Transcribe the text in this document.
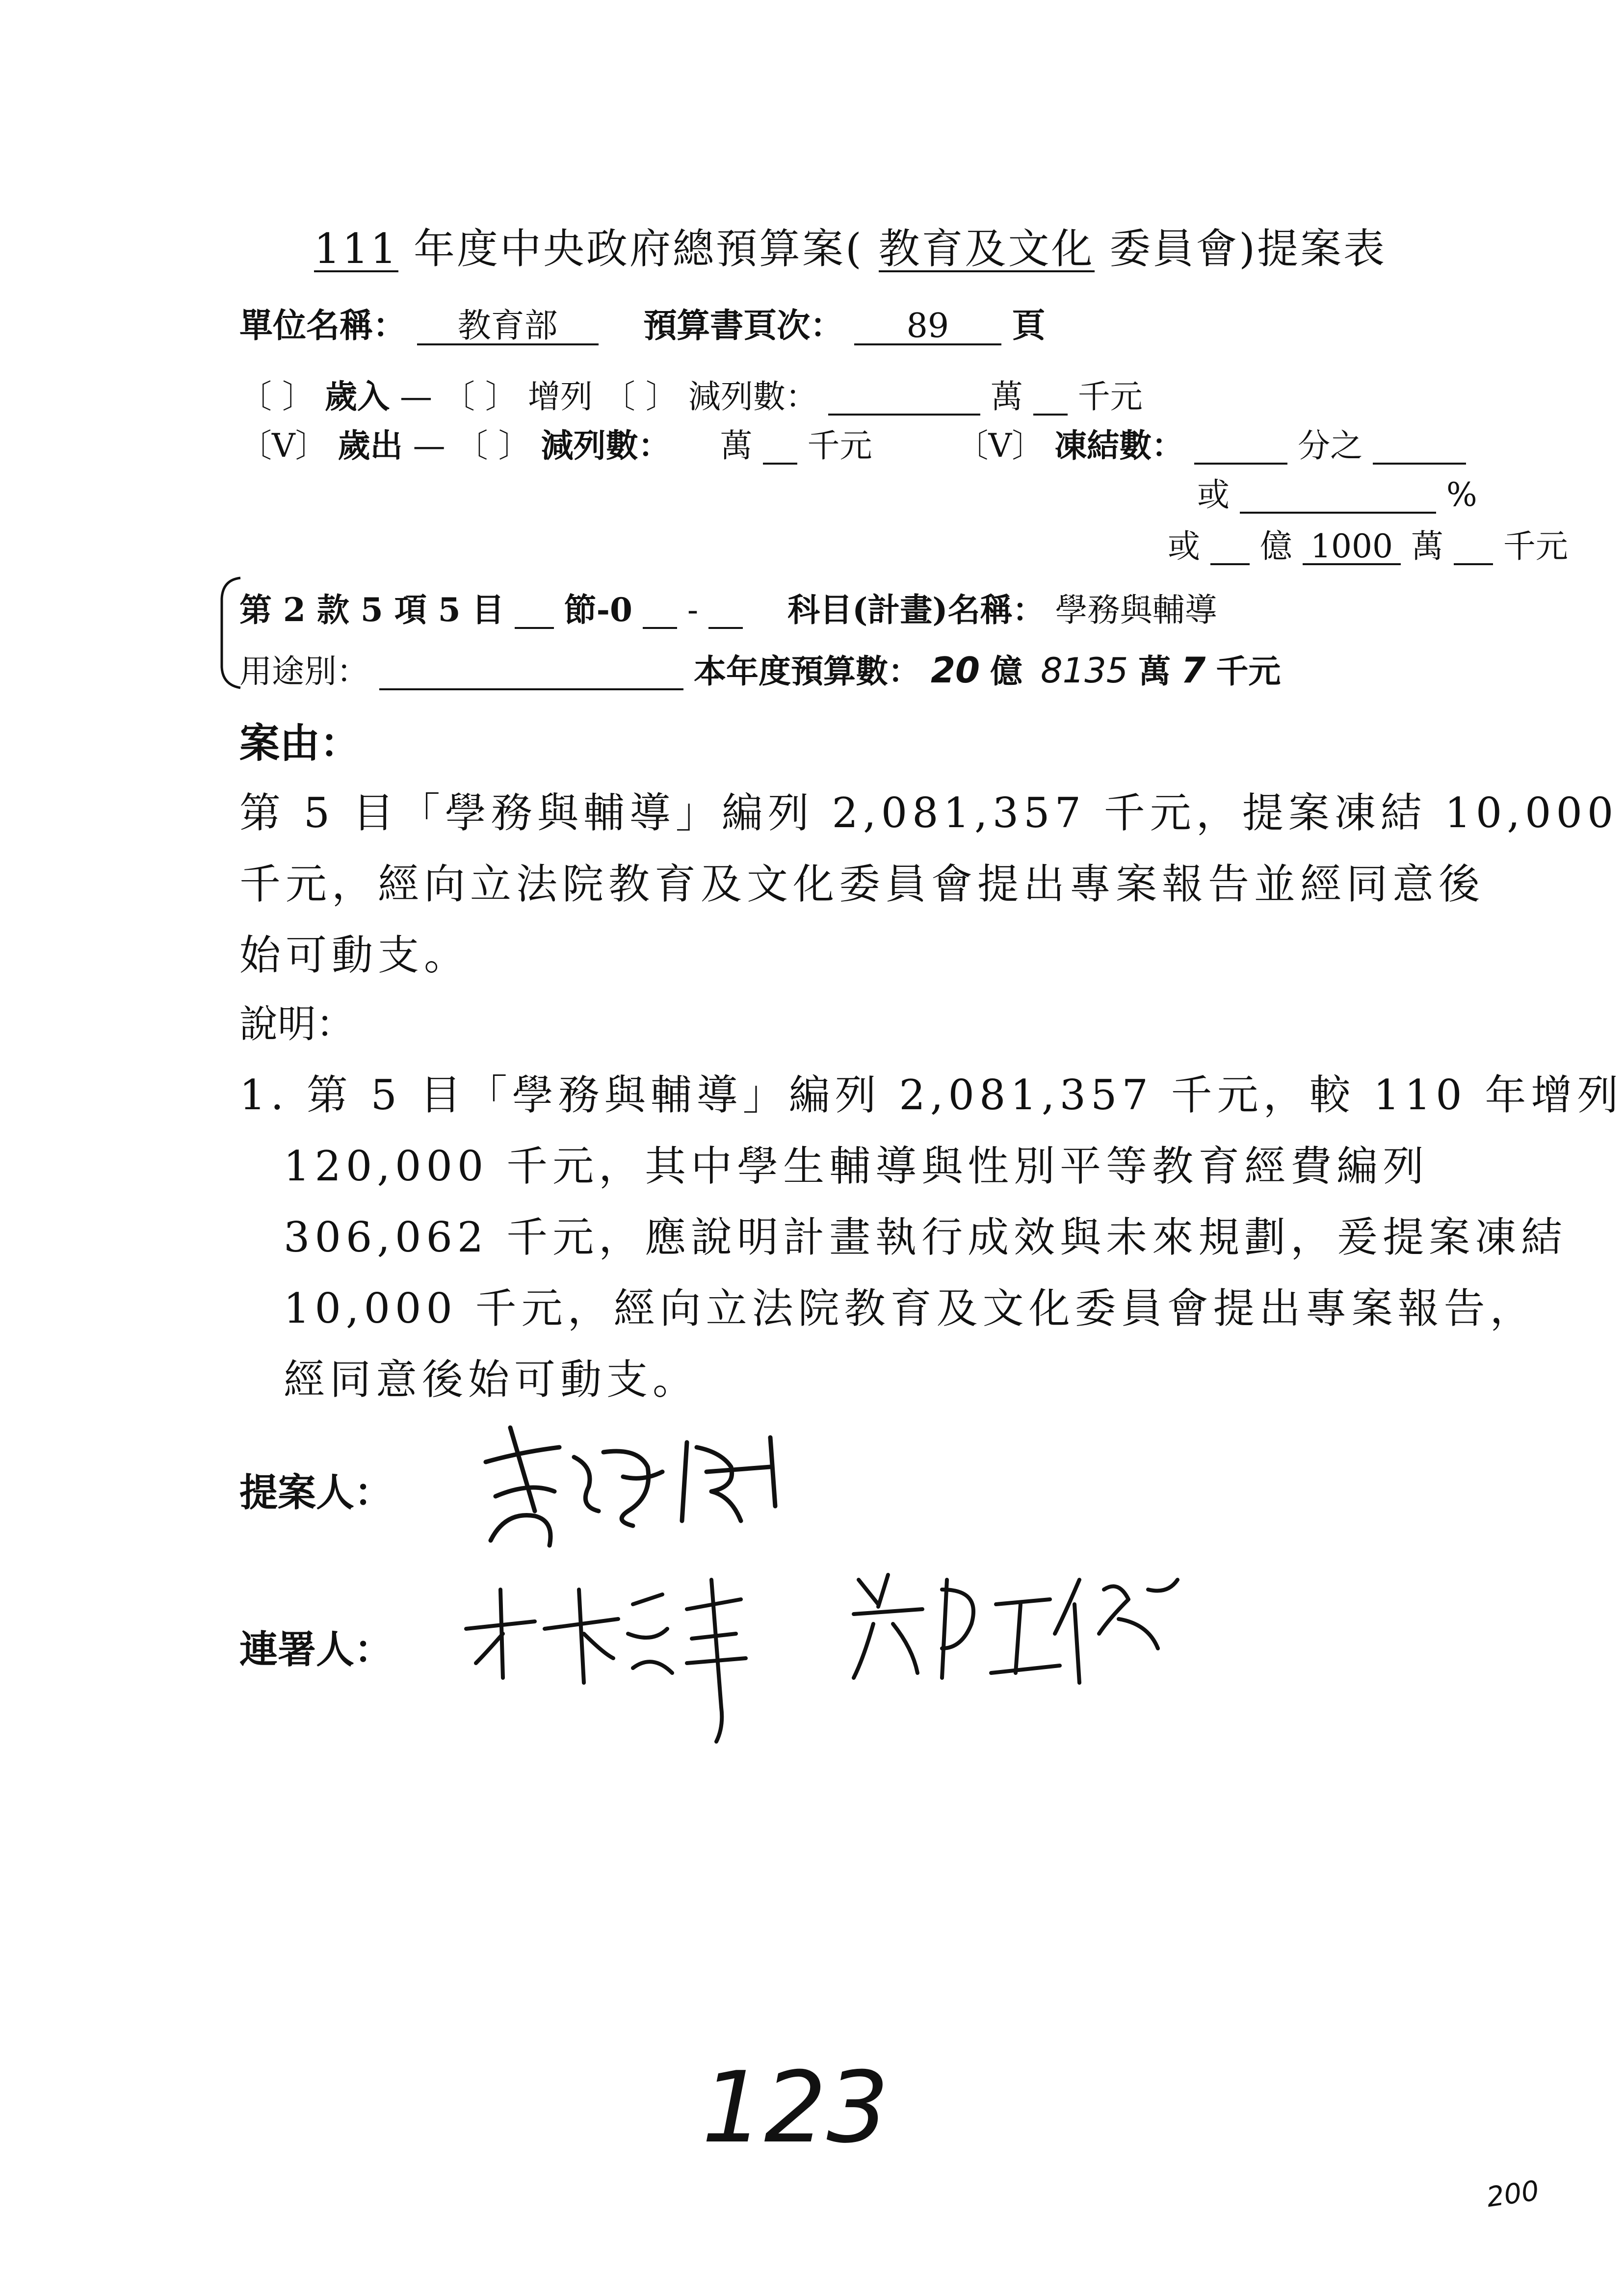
111 年度中央政府總預算案( 教育及文化 委員會)提案表
單位名稱： 教育部	預算書頁次： 89 頁
〔 〕 歲入 — 〔 〕 增列 〔 〕 減列數：	萬 千元
〔V〕 歲出 — 〔 〕 減列數： 萬 千元	〔V〕 凍結數：	分之
或	%
或 億 1000 萬 千元
第 2 款 5 項 5 目 節-0 -	科目(計畫)名稱： 學務與輔導
用途別：	本年度預算數： 20 億 8135 萬 7 千元
案由：
第 5 目「學務與輔導」編列 2,081,357 千元，提案凍結 10,000
千元，經向立法院教育及文化委員會提出專案報告並經同意後
始可動支。
說明：
1. 第 5 目「學務與輔導」編列 2,081,357 千元，較 110 年增列
120,000 千元，其中學生輔導與性別平等教育經費編列
306,062 千元，應說明計畫執行成效與未來規劃，爰提案凍結
10,000 千元，經向立法院教育及文化委員會提出專案報告，
經同意後始可動支。
提案人：
連署人：
123
200
